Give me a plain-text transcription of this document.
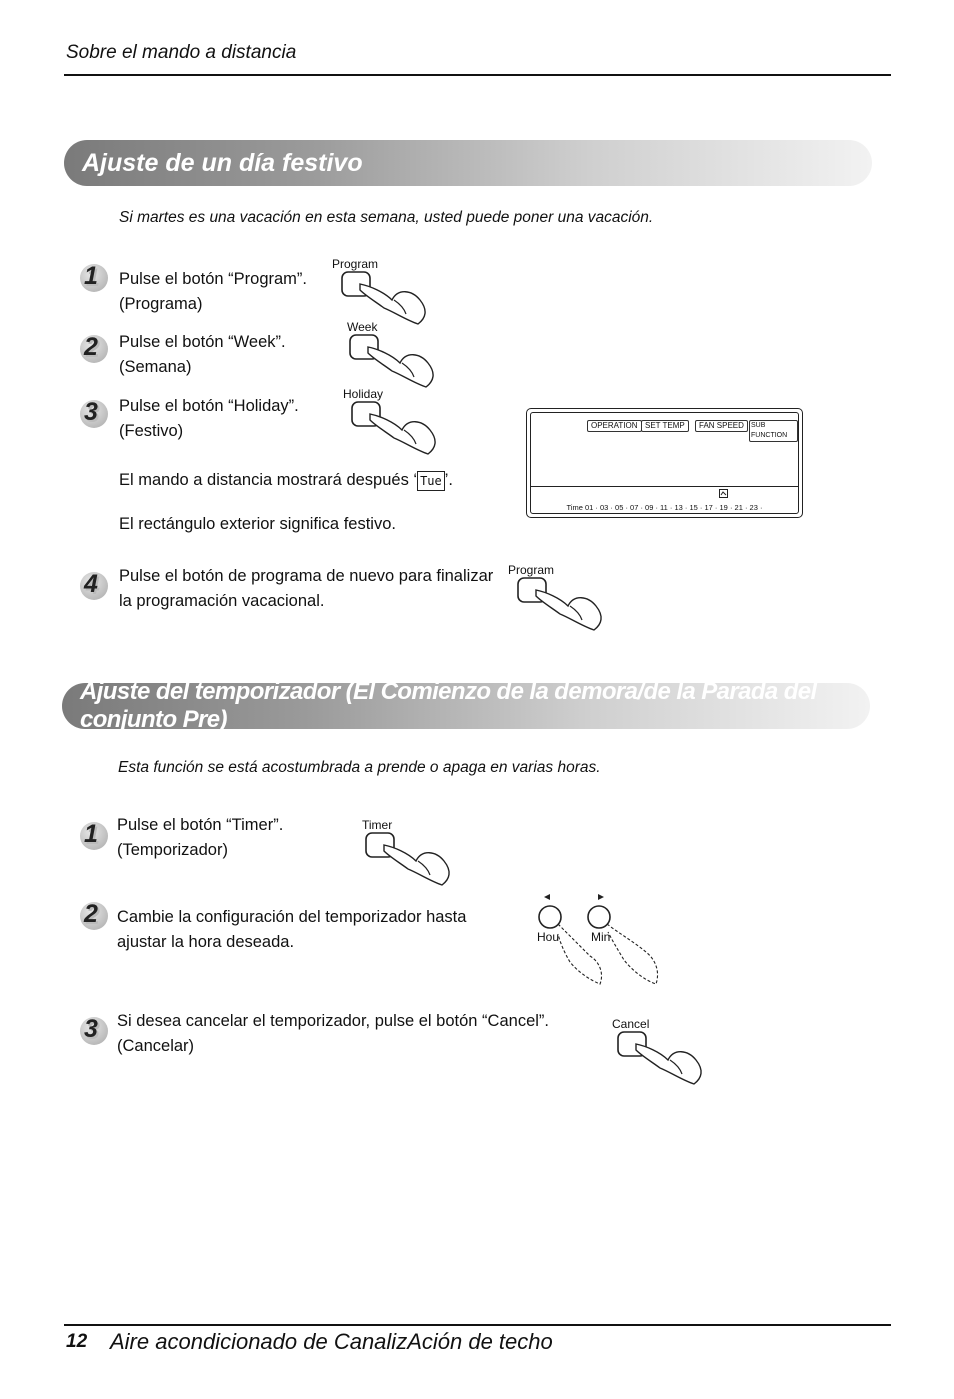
Sobre el mando a distancia
Ajuste de un día festivo
Si martes es una vacación en esta semana, usted puede poner una vacación.
1 Pulse el botón “Program”.
(Programa)
Program
2 Pulse el botón “Week”.
(Semana)
Week
3 Pulse el botón “Holiday”.
(Festivo)
Holiday
El mando a distancia mostrará después ‘ Tue ’.
El rectángulo exterior significa festivo.
OPERATION SET TEMP	FAN SPEED	SUB FUNCTION
Time 01 · 03 · 05 · 07 · 09 · 11 · 13 · 15 · 17 · 19 · 21 · 23 ·
4 Pulse el botón de programa de nuevo para finalizar
la programación vacacional.
Program
Ajuste del temporizador (El Comienzo de la demora/de la Parada del conjunto Pre)
Esta función se está acostumbrada a prende o apaga en varias horas.
1 Pulse el botón “Timer”.
(Temporizador)
Timer
2 Cambie la configuración del temporizador hasta
ajustar la hora deseada.	Hou	Min
3 Si desea cancelar el temporizador, pulse el botón “Cancel”.
(Cancelar)
Cancel
12 Aire acondicionado de CanalizAción de techo
